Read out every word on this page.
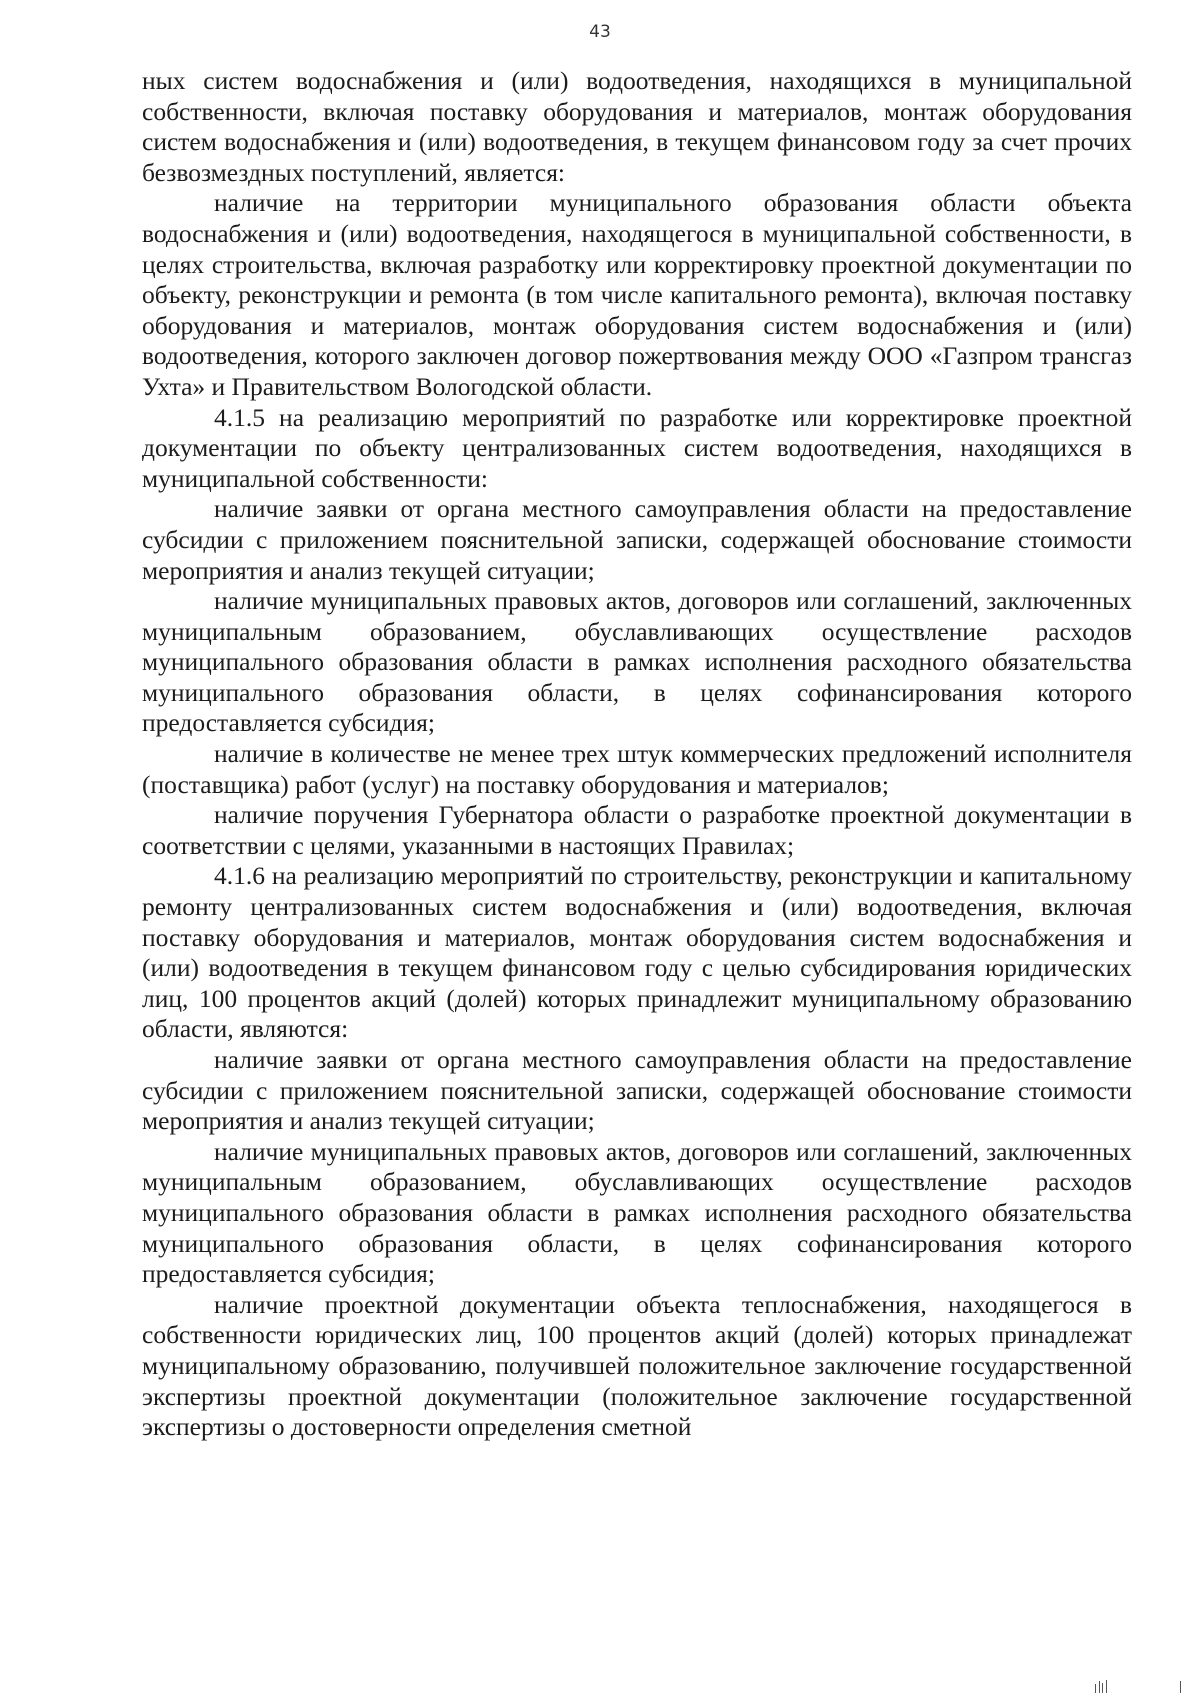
43

ных систем водоснабжения и (или) водоотведения, находящихся в муниципальной собственности, включая поставку оборудования и материалов, монтаж оборудования систем водоснабжения и (или) водоотведения, в текущем финансовом году за счет прочих безвозмездных поступлений, является:

наличие на территории муниципального образования области объекта водоснабжения и (или) водоотведения, находящегося в муниципальной собственности, в целях строительства, включая разработку или корректировку проектной документации по объекту, реконструкции и ремонта (в том числе капитального ремонта), включая поставку оборудования и материалов, монтаж оборудования систем водоснабжения и (или) водоотведения, которого заключен договор пожертвования между ООО «Газпром трансгаз Ухта» и Правительством Вологодской области.

4.1.5 на реализацию мероприятий по разработке или корректировке проектной документации по объекту централизованных систем водоотведения, находящихся в муниципальной собственности:

наличие заявки от органа местного самоуправления области на предоставление субсидии с приложением пояснительной записки, содержащей обоснование стоимости мероприятия и анализ текущей ситуации;

наличие муниципальных правовых актов, договоров или соглашений, заключенных муниципальным образованием, обуславливающих осуществление расходов муниципального образования области в рамках исполнения расходного обязательства муниципального образования области, в целях софинансирования которого предоставляется субсидия;

наличие в количестве не менее трех штук коммерческих предложений исполнителя (поставщика) работ (услуг) на поставку оборудования и материалов;

наличие поручения Губернатора области о разработке проектной документации в соответствии с целями, указанными в настоящих Правилах;

4.1.6 на реализацию мероприятий по строительству, реконструкции и капитальному ремонту централизованных систем водоснабжения и (или) водоотведения, включая поставку оборудования и материалов, монтаж оборудования систем водоснабжения и (или) водоотведения в текущем финансовом году с целью субсидирования юридических лиц, 100 процентов акций (долей) которых принадлежит муниципальному образованию области, являются:

наличие заявки от органа местного самоуправления области на предоставление субсидии с приложением пояснительной записки, содержащей обоснование стоимости мероприятия и анализ текущей ситуации;

наличие муниципальных правовых актов, договоров или соглашений, заключенных муниципальным образованием, обуславливающих осуществление расходов муниципального образования области в рамках исполнения расходного обязательства муниципального образования области, в целях софинансирования которого предоставляется субсидия;

наличие проектной документации объекта теплоснабжения, находящегося в собственности юридических лиц, 100 процентов акций (долей) которых принадлежат муниципальному образованию, получившей положительное заключение государственной экспертизы проектной документации (положительное заключение государственной экспертизы о достоверности определения сметной
